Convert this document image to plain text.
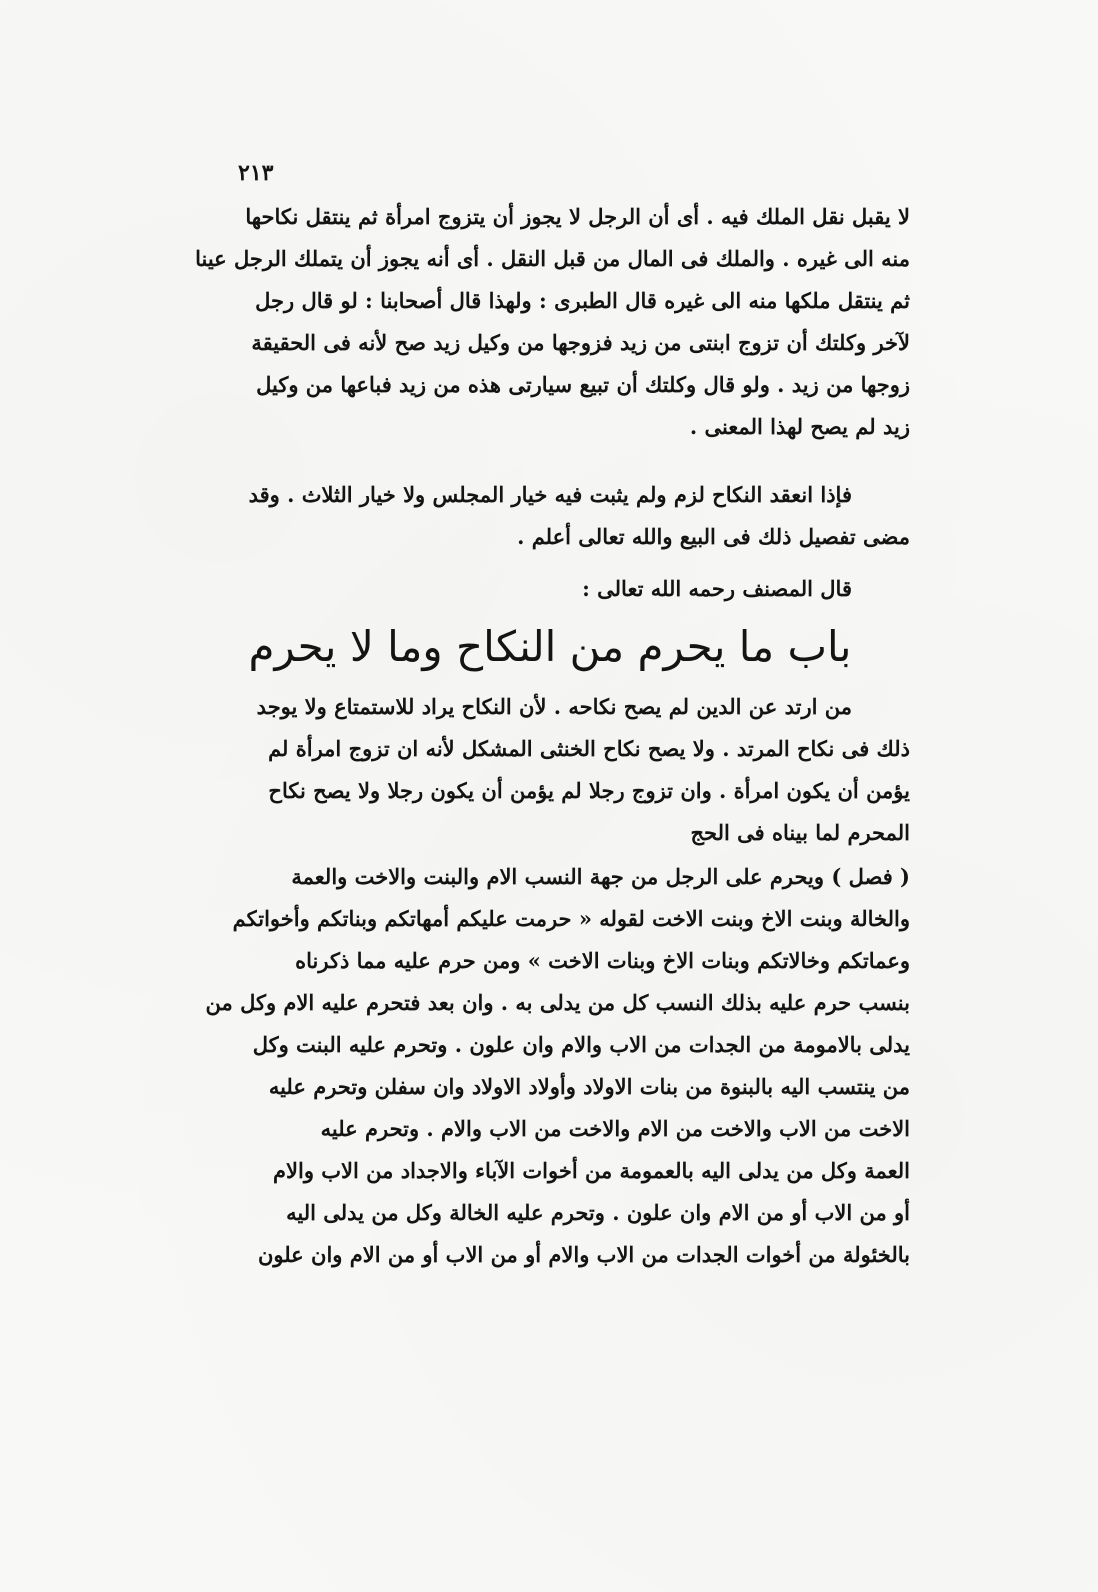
٢١٣
لا يقبل نقل الملك فيه . أى أن الرجل لا يجوز أن يتزوج امرأة ثم ينتقل نكاحها
منه الى غيره . والملك فى المال من قبل النقل . أى أنه يجوز أن يتملك الرجل عينا
ثم ينتقل ملكها منه الى غيره قال الطبرى : ولهذا قال أصحابنا : لو قال رجل
لآخر وكلتك أن تزوج ابنتى من زيد فزوجها من وكيل زيد صح لأنه فى الحقيقة
زوجها من زيد . ولو قال وكلتك أن تبيع سيارتى هذه من زيد فباعها من وكيل
زيد لم يصح لهذا المعنى .
فإذا انعقد النكاح لزم ولم يثبت فيه خيار المجلس ولا خيار الثلاث . وقد
مضى تفصيل ذلك فى البيع والله تعالى أعلم .
قال المصنف رحمه الله تعالى :
باب ما يحرم من النكاح وما لا يحرم
من ارتد عن الدين لم يصح نكاحه . لأن النكاح يراد للاستمتاع ولا يوجد
ذلك فى نكاح المرتد . ولا يصح نكاح الخنثى المشكل لأنه ان تزوج امرأة لم
يؤمن أن يكون امرأة . وان تزوج رجلا لم يؤمن أن يكون رجلا ولا يصح نكاح
المحرم لما بيناه فى الحج
( فصل ) ويحرم على الرجل من جهة النسب الام والبنت والاخت والعمة
والخالة وبنت الاخ وبنت الاخت لقوله « حرمت عليكم أمهاتكم وبناتكم وأخواتكم
وعماتكم وخالاتكم وبنات الاخ وبنات الاخت » ومن حرم عليه مما ذكرناه
بنسب حرم عليه بذلك النسب كل من يدلى به . وان بعد فتحرم عليه الام وكل من
يدلى بالامومة من الجدات من الاب والام وان علون . وتحرم عليه البنت وكل
من ينتسب اليه بالبنوة من بنات الاولاد وأولاد الاولاد وان سفلن وتحرم عليه
الاخت من الاب والاخت من الام والاخت من الاب والام . وتحرم عليه
العمة وكل من يدلى اليه بالعمومة من أخوات الآباء والاجداد من الاب والام
أو من الاب أو من الام وان علون . وتحرم عليه الخالة وكل من يدلى اليه
بالخئولة من أخوات الجدات من الاب والام أو من الاب أو من الام وان علون
